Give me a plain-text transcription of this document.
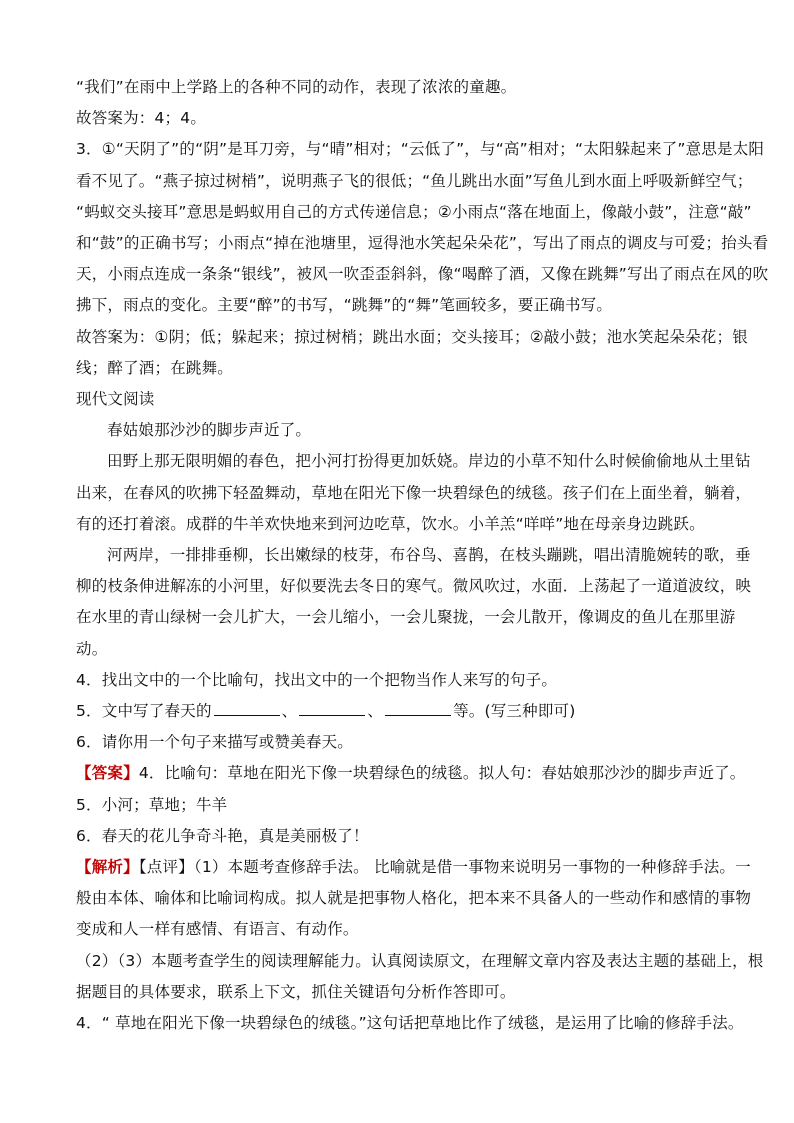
“我们”在雨中上学路上的各种不同的动作，表现了浓浓的童趣。
故答案为：4；4。
3．①“天阴了”的“阴”是耳刀旁，与“晴”相对；“云低了”，与“高”相对；“太阳躲起来了”意思是太阳
看不见了。“燕子掠过树梢”，说明燕子飞的很低；“鱼儿跳出水面”写鱼儿到水面上呼吸新鲜空气；
“蚂蚁交头接耳”意思是蚂蚁用自己的方式传递信息；②小雨点“落在地面上，像敲小鼓”，注意“敲”
和“鼓”的正确书写；小雨点“掉在池塘里，逗得池水笑起朵朵花”，写出了雨点的调皮与可爱；抬头看
天，小雨点连成一条条“银线”，被风一吹歪歪斜斜，像“喝醉了酒，又像在跳舞”写出了雨点在风的吹
拂下，雨点的变化。主要“醉”的书写，“跳舞”的“舞”笔画较多，要正确书写。
故答案为：①阴；低；躲起来；掠过树梢；跳出水面；交头接耳；②敲小鼓；池水笑起朵朵花；银
线；醉了酒；在跳舞。
现代文阅读
春姑娘那沙沙的脚步声近了。
田野上那无限明媚的春色，把小河打扮得更加妖娆。岸边的小草不知什么时候偷偷地从土里钻
出来，在春风的吹拂下轻盈舞动，草地在阳光下像一块碧绿色的绒毯。孩子们在上面坐着，躺着，
有的还打着滚。成群的牛羊欢快地来到河边吃草，饮水。小羊羔“咩咩”地在母亲身边跳跃。
河两岸，一排排垂柳，长出嫩绿的枝芽，布谷鸟、喜鹊，在枝头蹦跳，唱出清脆婉转的歌，垂
柳的枝条伸进解冻的小河里，好似要洗去冬日的寒气。微风吹过，水面．上荡起了一道道波纹，映
在水里的青山绿树一会儿扩大，一会儿缩小，一会儿聚拢，一会儿散开，像调皮的鱼儿在那里游
动。
4．找出文中的一个比喻句，找出文中的一个把物当作人来写的句子。
5．文中写了春天的	、	、	等。(写三种即可)
6．请你用一个句子来描写或赞美春天。
【答案】4．比喻句：草地在阳光下像一块碧绿色的绒毯。拟人句：春姑娘那沙沙的脚步声近了。
5．小河；草地；牛羊
6．春天的花儿争奇斗艳，真是美丽极了！
【解析】【点评】（1）本题考查修辞手法。 比喻就是借一事物来说明另一事物的一种修辞手法。一
般由本体、喻体和比喻词构成。拟人就是把事物人格化，把本来不具备人的一些动作和感情的事物
变成和人一样有感情、有语言、有动作。
（2）（3）本题考查学生的阅读理解能力。认真阅读原文，在理解文章内容及表达主题的基础上，根
据题目的具体要求，联系上下文，抓住关键语句分析作答即可。
4．“ 草地在阳光下像一块碧绿色的绒毯。”这句话把草地比作了绒毯，是运用了比喻的修辞手法。
